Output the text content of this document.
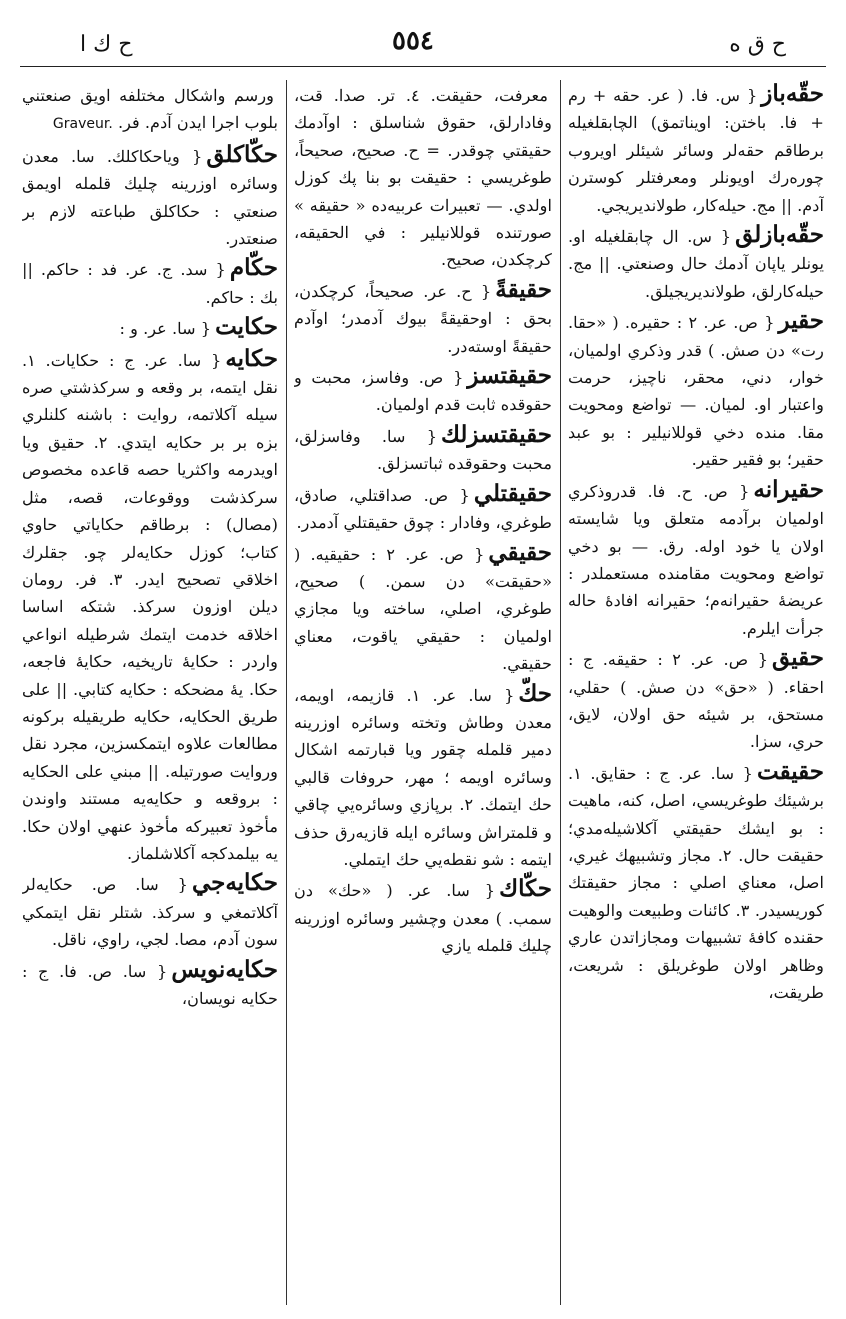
ح ق ه
٥٥٤
ح ك ا

حقّه‌باز{ س. فا. ( عر. حقه + رم + فا. باختن: اويناتمق) الچابقلغيله برطاقم حقه‌لر وسائر شيئلر اويروب چوره‌رك اويونلر ومعرفتلر كوسترن آدم. || مج. حيله‌كار، طولانديريجي.

حقّه‌بازلق{ س. ال چابقلغيله او. يونلر ياپان آدمك حال وصنعتي. || مج. حيله‌كارلق، طولانديريجيلق.

حقير{ ص. عر. ٢ : حقيره. ( «حقا. رت» دن صش. ) قدر وذكري اولميان، خوار، دني، محقر، ناچيز، حرمت واعتبار او. لميان. — تواضع ومحويت مقا. منده دخي قوللانيلير : بو عبد حقير؛ بو فقير حقير.

حقيرانه{ ص. ح. فا. قدروذكري اولميان برآدمه متعلق ويا شايسته اولان يا خود اوله. رق. — بو دخي تواضع ومحويت مقامنده مستعملدر : عريضهٔ حقيرانه‌م؛ حقيرانه افادهٔ حاله جرأت ايلرم.

حقيق{ ص. عر. ٢ : حقيقه. ج : احقاء. ( «حق» دن صش. ) حقلي، مستحق، بر شيئه حق اولان، لايق، حري، سزا.

حقيقت{ سا. عر. ج : حقايق. ١. برشيئك طوغريسي، اصل، كنه، ماهيت : بو ايشك حقيقتي آكلاشيله‌مدي؛ حقيقت حال. ٢. مجاز وتشبيهك غيري، اصل، معناي اصلي : مجاز حقيقتك كوريسيدر. ٣. كائنات وطبيعت والوهيت حقنده كافهٔ تشبيهات ومجازاتدن عاري وظاهر اولان طوغريلق : شريعت، طريقت،

معرفت، حقيقت. ٤. تر. صدا. قت، وفادارلق، حقوق شناسلق : اوآدمك حقيقتي چوقدر. = ح. صحيح، صحيحاً، طوغريسي : حقيقت بو بنا پك كوزل اولدي. — تعبيرات عربيه‌ده « حقيقه » صورتنده قوللانيلير : في الحقيقه، كرچكدن، صحيح.

حقيقةً{ ح. عر. صحيحاً، كرچكدن، بحق : اوحقيقةً بيوك آدمدر؛ اوآدم حقيقةً اوسته‌در.

حقيقتسز{ ص. وفاسز، محبت و حقوقده ثابت قدم اولميان.

حقيقتسزلك{ سا. وفاسزلق، محبت وحقوقده ثباتسزلق.

حقيقتلي{ ص. صداقتلي، صادق، طوغري، وفادار : چوق حقيقتلي آدمدر.

حقيقي{ ص. عر. ٢ : حقيقيه. ( «حقيقت» دن سمن. ) صحيح، طوغري، اصلي، ساخته ويا مجازي اولميان : حقيقي ياقوت، معناي حقيقي.

حكّ{ سا. عر. ١. قازيمه، اويمه، معدن وطاش وتخته وسائره اوزرينه دمير قلمله چقور ويا قبارتمه اشكال وسائره اويمه ؛ مهر، حروفات قالبي حك ايتمك. ٢. برپازي وسائره‌يي چاقي و قلمتراش وسائره ايله قازيه‌رق حذف ايتمه : شو نقطه‌يي حك ايتملي.

حكّاك{ سا. عر. ( «حك» دن سمب. ) معدن وچشير وسائره اوزرينه چليك قلمله يازي

ورسم واشكال مختلفه اويق صنعتني بلوب اجرا ايدن آدم. فر. Graveur.

حكّاكلق{ وياحكاكلك. سا. معدن وسائره اوزرينه چليك قلمله اويمق صنعتي : حكاكلق طباعته لازم بر صنعتدر.

حكّام{ سد. ج. عر. فد : حاكم. || بك : حاكم.

حكايت{ سا. عر. و :

حكايه{ سا. عر. ج : حكايات. ١. نقل ايتمه، بر وقعه و سركذشتي صره سيله آكلاتمه، روايت : باشنه كلنلري بزه بر بر حكايه ايتدي. ٢. حقيق ويا اويدرمه واكثريا حصه قاعده مخصوص سركذشت ووقوعات، قصه، مثل (مصال) : برطاقم حكاياتي حاوي كتاب؛ كوزل حكايه‌لر چو. جقلرك اخلاقي تصحيح ايدر. ٣. فر. رومان ديلن اوزون سركذ. شتكه اساسا اخلاقه خدمت ايتمك شرطيله انواعي واردر : حكايهٔ تاريخيه، حكايهٔ فاجعه، حكا. يهٔ مضحكه : حكايه كتابي. || على طريق الحكايه، حكايه طريقيله بركونه مطالعات علاوه ايتمكسزين، مجرد نقل وروايت صورتيله. || مبني على الحكايه : بروقعه و حكايه‌يه مستند واوندن مأخوذ تعبيركه مأخوذ عنهي اولان حكا. يه بيلمدكجه آكلاشلماز.

حكايه‌جي{ سا. ص. حكايه‌لر آكلاتمغي و سركذ. شتلر نقل ايتمكي سون آدم، مصا. لجي، راوي، ناقل.

حكايه‌نويس{ سا. ص. فا. ج : حكايه نويسان،
